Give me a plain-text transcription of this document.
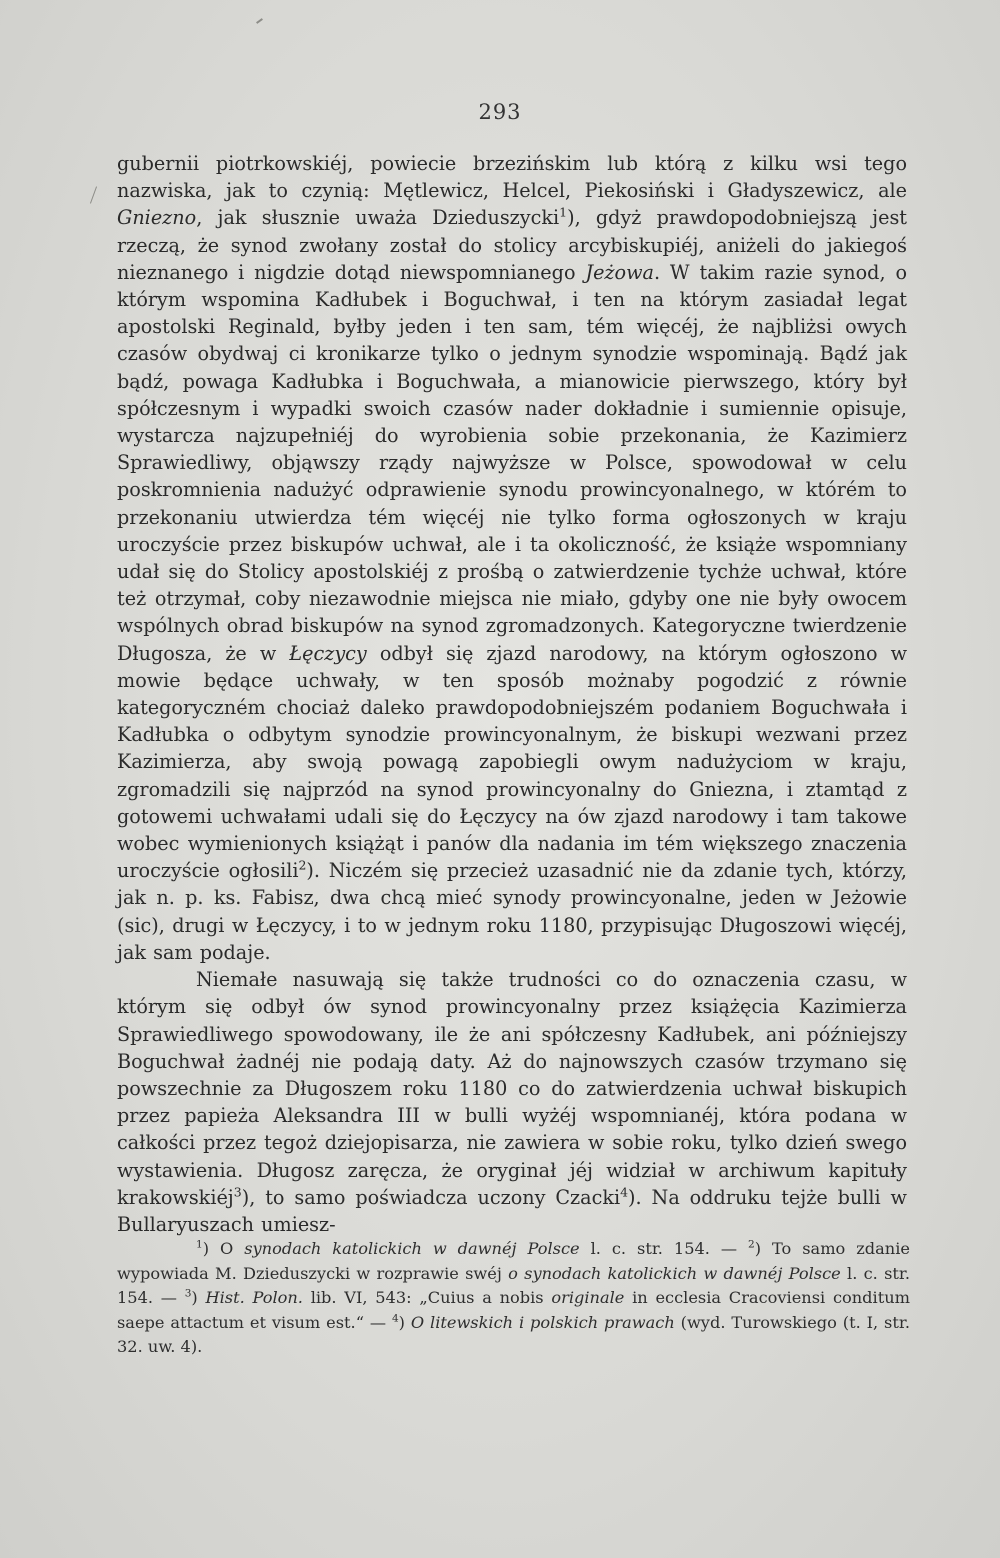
293

gubernii piotrkowskiéj, powiecie brzezińskim lub którą z kilku wsi tego nazwiska, jak to czynią: Mętlewicz, Helcel, Piekosiński i Gładyszewicz, ale Gniezno, jak słusznie uważa Dzieduszycki$^1$), gdyż prawdopodobniejszą jest rzeczą, że synod zwołany został do stolicy arcybiskupiéj, aniżeli do jakiegoś nieznanego i nigdzie dotąd niewspomnianego Jeżowa. W takim razie synod, o którym wspomina Kadłubek i Boguchwał, i ten na którym zasiadał legat apostolski Reginald, byłby jeden i ten sam, tém więcéj, że najbliżsi owych czasów obydwaj ci kronikarze tylko o jednym synodzie wspominają. Bądź jak bądź, powaga Kadłubka i Boguchwała, a mianowicie pierwszego, który był spółczesnym i wypadki swoich czasów nader dokładnie i sumiennie opisuje, wystarcza najzupełniéj do wyrobienia sobie przekonania, że Kazimierz Sprawiedliwy, objąwszy rządy najwyższe w Polsce, spowodował w celu poskromnienia nadużyć odprawienie synodu prowincyonalnego, w którém to przekonaniu utwierdza tém więcéj nie tylko forma ogłoszonych w kraju uroczyście przez biskupów uchwał, ale i ta okoliczność, że książe wspomniany udał się do Stolicy apostolskiéj z prośbą o zatwierdzenie tychże uchwał, które też otrzymał, coby niezawodnie miejsca nie miało, gdyby one nie były owocem wspólnych obrad biskupów na synod zgromadzonych. Kategoryczne twierdzenie Długosza, że w Łęczycy odbył się zjazd narodowy, na którym ogłoszono w mowie będące uchwały, w ten sposób możnaby pogodzić z równie kategoryczném chociaż daleko prawdopodobniejszém podaniem Boguchwała i Kadłubka o odbytym synodzie prowincyonalnym, że biskupi wezwani przez Kazimierza, aby swoją powagą zapobiegli owym nadużyciom w kraju, zgromadzili się najprzód na synod prowincyonalny do Gniezna, i ztamtąd z gotowemi uchwałami udali się do Łęczycy na ów zjazd narodowy i tam takowe wobec wymienionych książąt i panów dla nadania im tém większego znaczenia uroczyście ogłosili$^2$). Niczém się przecież uzasadnić nie da zdanie tych, którzy, jak n. p. ks. Fabisz, dwa chcą mieć synody prowincyonalne, jeden w Jeżowie (sic), drugi w Łęczycy, i to w jednym roku 1180, przypisując Długoszowi więcéj, jak sam podaje.

Niemałe nasuwają się także trudności co do oznaczenia czasu, w którym się odbył ów synod prowincyonalny przez książęcia Kazimierza Sprawiedliwego spowodowany, ile że ani spółczesny Kadłubek, ani późniejszy Boguchwał żadnéj nie podają daty. Aż do najnowszych czasów trzymano się powszechnie za Długoszem roku 1180 co do zatwierdzenia uchwał biskupich przez papieża Aleksandra III w bulli wyżéj wspomnianéj, która podana w całkości przez tegoż dziejopisarza, nie zawiera w sobie roku, tylko dzień swego wystawienia. Długosz zaręcza, że oryginał jéj widział w archiwum kapituły krakowskiéj$^3$), to samo poświadcza uczony Czacki$^4$). Na oddruku tejże bulli w Bullaryuszach umiesz-

$^1$) O synodach katolickich w dawnéj Polsce l. c. str. 154. — $^2$) To samo zdanie wypowiada M. Dzieduszycki w rozprawie swéj o synodach katolickich w dawnéj Polsce l. c. str. 154. — $^3$) Hist. Polon. lib. VI, 543: „Cuius a nobis originale in ecclesia Cracoviensi conditum saepe attactum et visum est.“ — $^4$) O litewskich i polskich prawach (wyd. Turowskiego (t. I, str. 32. uw. 4).
